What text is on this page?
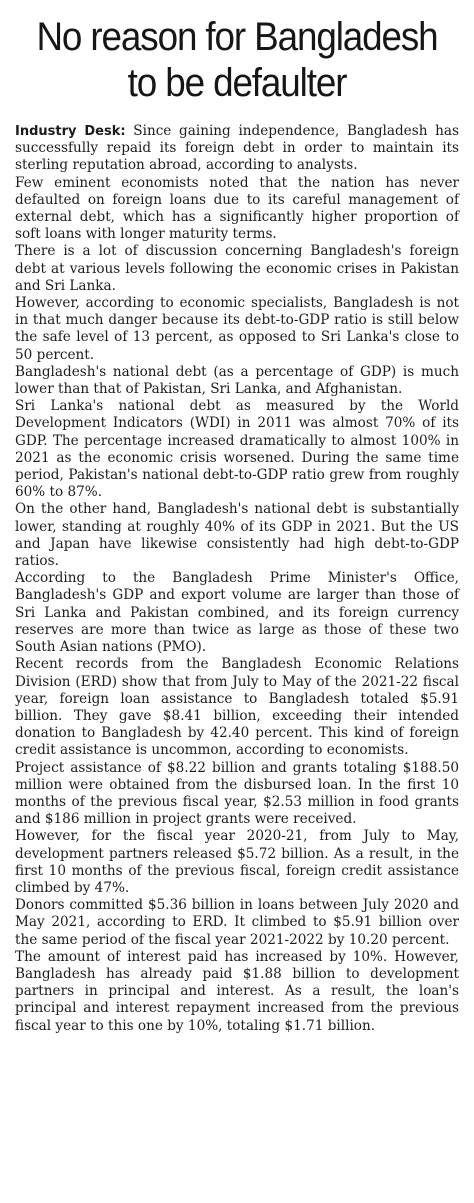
No reason for Bangladesh to be defaulter

Industry Desk: Since gaining independence, Bangladesh has successfully repaid its foreign debt in order to maintain its sterling reputation abroad, according to analysts.

Few eminent economists noted that the nation has never defaulted on foreign loans due to its careful management of external debt, which has a significantly higher proportion of soft loans with longer maturity terms.

There is a lot of discussion concerning Bangladesh's foreign debt at various levels following the economic crises in Pakistan and Sri Lanka.

However, according to economic specialists, Bangladesh is not in that much danger because its debt-to-GDP ratio is still below the safe level of 13 percent, as opposed to Sri Lanka's close to 50 percent.

Bangladesh's national debt (as a percentage of GDP) is much lower than that of Pakistan, Sri Lanka, and Afghanistan.

Sri Lanka's national debt as measured by the World Development Indicators (WDI) in 2011 was almost 70% of its GDP. The percentage increased dramatically to almost 100% in 2021 as the economic crisis worsened. During the same time period, Pakistan's national debt-to-GDP ratio grew from roughly 60% to 87%.

On the other hand, Bangladesh's national debt is substantially lower, standing at roughly 40% of its GDP in 2021. But the US and Japan have likewise consistently had high debt-to-GDP ratios.

According to the Bangladesh Prime Minister's Office, Bangladesh's GDP and export volume are larger than those of Sri Lanka and Pakistan combined, and its foreign currency reserves are more than twice as large as those of these two South Asian nations (PMO).

Recent records from the Bangladesh Economic Relations Division (ERD) show that from July to May of the 2021-22 fiscal year, foreign loan assistance to Bangladesh totaled $5.91 billion. They gave $8.41 billion, exceeding their intended donation to Bangladesh by 42.40 percent. This kind of foreign credit assistance is uncommon, according to economists.

Project assistance of $8.22 billion and grants totaling $188.50 million were obtained from the disbursed loan. In the first 10 months of the previous fiscal year, $2.53 million in food grants and $186 million in project grants were received.

However, for the fiscal year 2020-21, from July to May, development partners released $5.72 billion. As a result, in the first 10 months of the previous fiscal, foreign credit assistance climbed by 47%.

Donors committed $5.36 billion in loans between July 2020 and May 2021, according to ERD. It climbed to $5.91 billion over the same period of the fiscal year 2021-2022 by 10.20 percent.

The amount of interest paid has increased by 10%. However, Bangladesh has already paid $1.88 billion to development partners in principal and interest. As a result, the loan's principal and interest repayment increased from the previous fiscal year to this one by 10%, totaling $1.71 billion.
